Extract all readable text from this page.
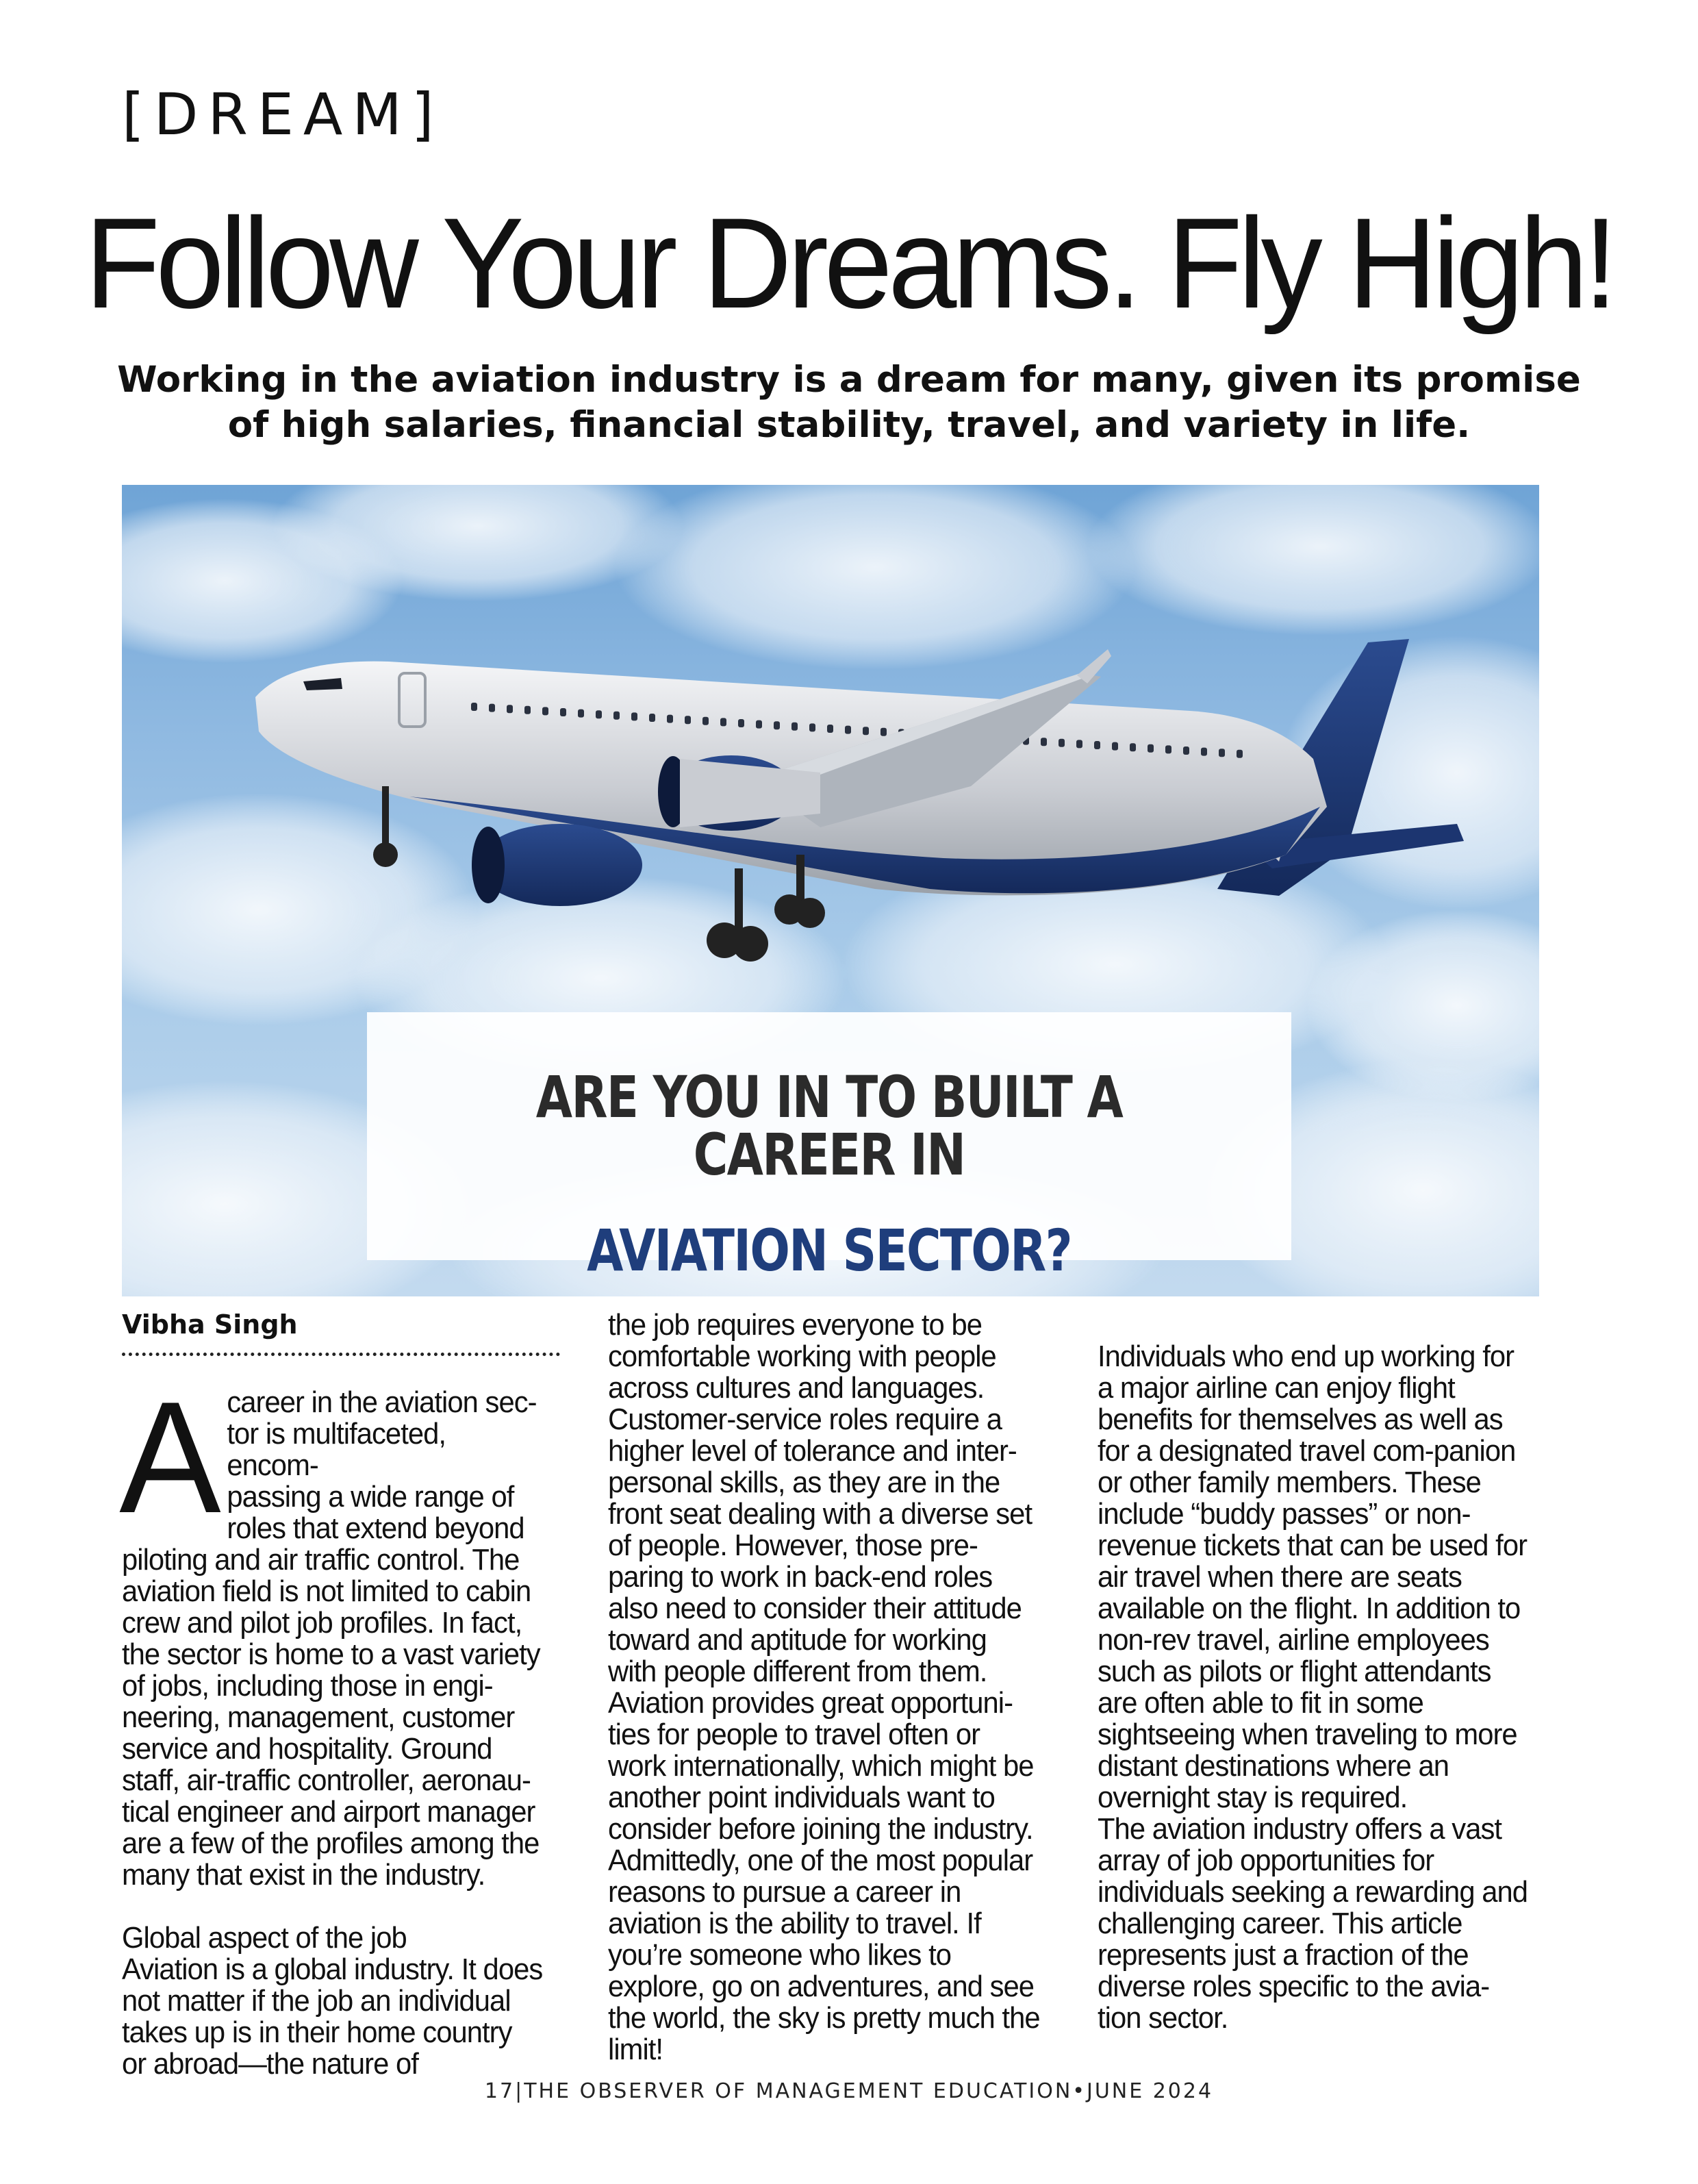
[DREAM]
Follow Your Dreams. Fly High!
Working in the aviation industry is a dream for many, given its promise of high salaries, financial stability, travel, and variety in life.
ARE YOU IN TO BUILT A CAREER IN
AVIATION SECTOR?
Vibha Singh
A career in the aviation sec-
tor is multifaceted, encom-
passing a wide range of
roles that extend beyond
piloting and air traffic control. The aviation field is not limited to cabin crew and pilot job profiles. In fact, the sector is home to a vast variety of jobs, including those in engi-neering, management, customer service and hospitality. Ground staff, air-traffic controller, aeronau-tical engineer and airport manager are a few of the profiles among the many that exist in the industry.

Global aspect of the job
Aviation is a global industry. It does not matter if the job an individual takes up is in their home country or abroad—the nature of

the job requires everyone to be comfortable working with people across cultures and languages. Customer-service roles require a higher level of tolerance and inter-personal skills, as they are in the front seat dealing with a diverse set of people. However, those pre-paring to work in back-end roles also need to consider their attitude toward and aptitude for working with people different from them.
Aviation provides great opportuni-ties for people to travel often or work internationally, which might be another point individuals want to consider before joining the industry. Admittedly, one of the most popular reasons to pursue a career in aviation is the ability to travel. If you’re someone who likes to explore, go on adventures, and see the world, the sky is pretty much the limit!

Individuals who end up working for a major airline can enjoy flight benefits for themselves as well as for a designated travel com-panion or other family members. These include “buddy passes” or non-revenue tickets that can be used for air travel when there are seats available on the flight. In addition to non-rev travel, airline employees such as pilots or flight attendants are often able to fit in some sightseeing when traveling to more distant destinations where an overnight stay is required.
The aviation industry offers a vast array of job opportunities for individuals seeking a rewarding and challenging career. This article represents just a fraction of the diverse roles specific to the avia-tion sector.

17|THE OBSERVER OF MANAGEMENT EDUCATION•JUNE 2024
